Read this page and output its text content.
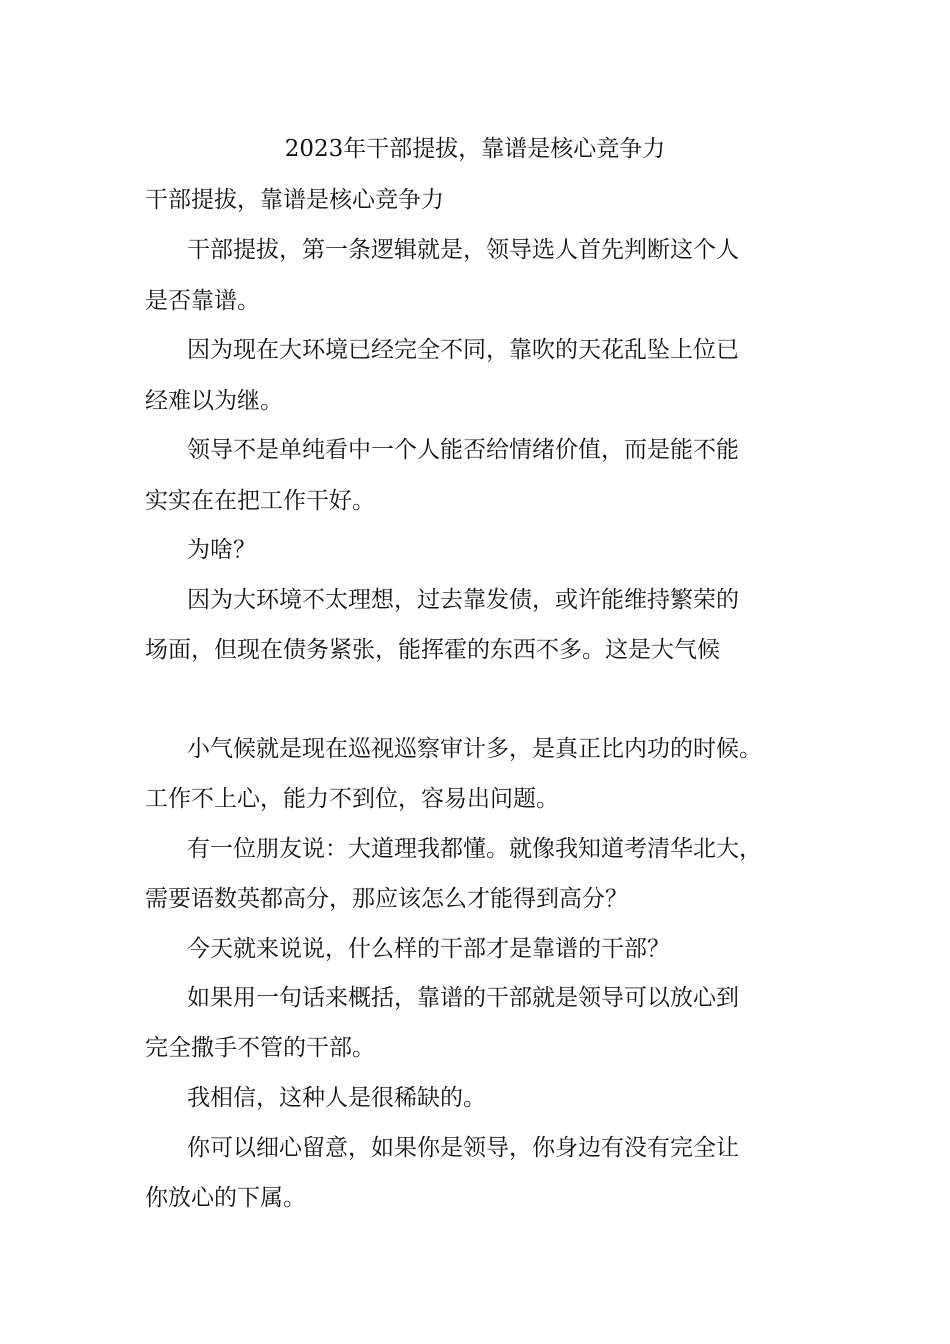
2023年干部提拔，靠谱是核心竞争力
干部提拔，靠谱是核心竞争力
干部提拔，第一条逻辑就是，领导选人首先判断这个人
是否靠谱。
因为现在大环境已经完全不同，靠吹的天花乱坠上位已
经难以为继。
领导不是单纯看中一个人能否给情绪价值，而是能不能
实实在在把工作干好。
为啥？
因为大环境不太理想，过去靠发债，或许能维持繁荣的
场面，但现在债务紧张，能挥霍的东西不多。这是大气候
小气候就是现在巡视巡察审计多，是真正比内功的时候。
工作不上心，能力不到位，容易出问题。
有一位朋友说：大道理我都懂。就像我知道考清华北大，
需要语数英都高分，那应该怎么才能得到高分？
今天就来说说，什么样的干部才是靠谱的干部？
如果用一句话来概括，靠谱的干部就是领导可以放心到
完全撒手不管的干部。
我相信，这种人是很稀缺的。
你可以细心留意，如果你是领导，你身边有没有完全让
你放心的下属。
